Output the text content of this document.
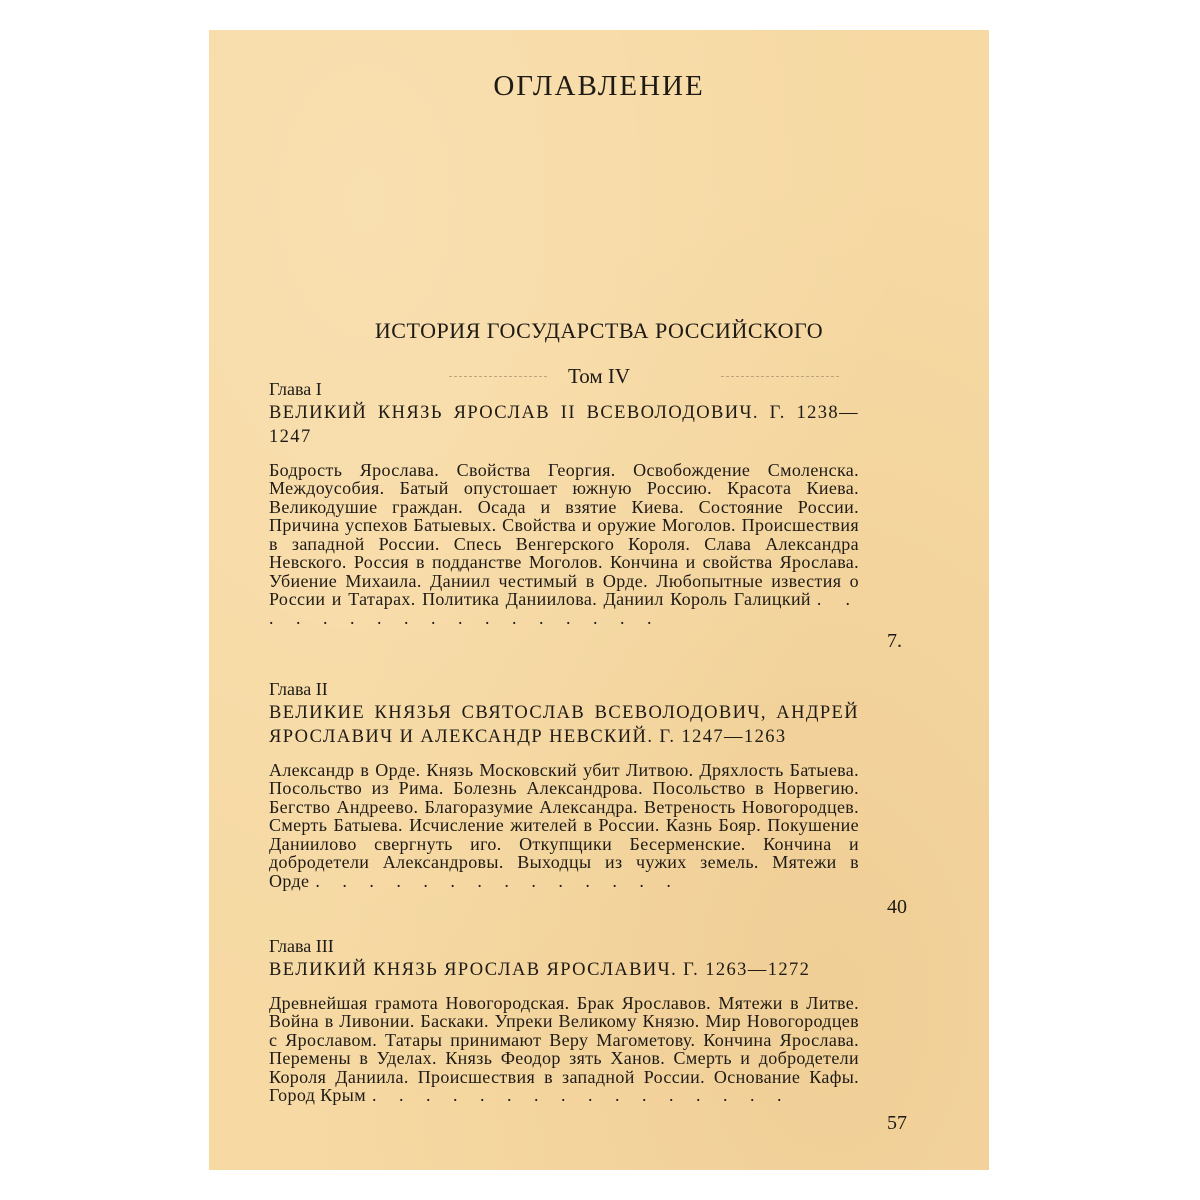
ОГЛАВЛЕНИЕ
ИСТОРИЯ ГОСУДАРСТВА РОССИЙСКОГО
Том IV
Глава I
ВЕЛИКИЙ КНЯЗЬ ЯРОСЛАВ II ВСЕВОЛОДОВИЧ. Г. 1238—1247
Бодрость Ярослава. Свойства Георгия. Освобождение Смоленска. Междоусобия. Батый опустошает южную Россию. Красота Киева. Великодушие граждан. Осада и взятие Киева. Состояние России. Причина успехов Батыевых. Свойства и оружие Моголов. Происшествия в западной России. Спесь Венгерского Короля. Слава Александра Невского. Россия в подданстве Моголов. Кончина и свойства Ярослава. Убиение Михаила. Даниил честимый в Орде. Любопытные известия о России и Татарах. Политика Даниилова. Даниил Король Галицкий . . . . . . . . . . . . . . . . .
7.
Глава II
ВЕЛИКИЕ КНЯЗЬЯ СВЯТОСЛАВ ВСЕВОЛОДОВИЧ, АНДРЕЙ ЯРОСЛАВИЧ И АЛЕКСАНДР НЕВСКИЙ. Г. 1247—1263
Александр в Орде. Князь Московский убит Литвою. Дряхлость Батыева. Посольство из Рима. Болезнь Александрова. Посольство в Норвегию. Бегство Андреево. Благоразумие Александра. Ветреность Новогородцев. Смерть Батыева. Исчисление жителей в России. Казнь Бояр. Покушение Даниилово свергнуть иго. Откупщики Бесерменские. Кончина и добродетели Александровы. Выходцы из чужих земель. Мятежи в Орде . . . . . . . . . . . . . .
40
Глава III
ВЕЛИКИЙ КНЯЗЬ ЯРОСЛАВ ЯРОСЛАВИЧ. Г. 1263—1272
Древнейшая грамота Новогородская. Брак Ярославов. Мятежи в Литве. Война в Ливонии. Баскаки. Упреки Великому Князю. Мир Новогородцев с Ярославом. Татары принимают Веру Магометову. Кончина Ярослава. Перемены в Уделах. Князь Феодор зять Ханов. Смерть и добродетели Короля Даниила. Происшествия в западной России. Основание Кафы. Город Крым . . . . . . . . . . . . . . . .
57
